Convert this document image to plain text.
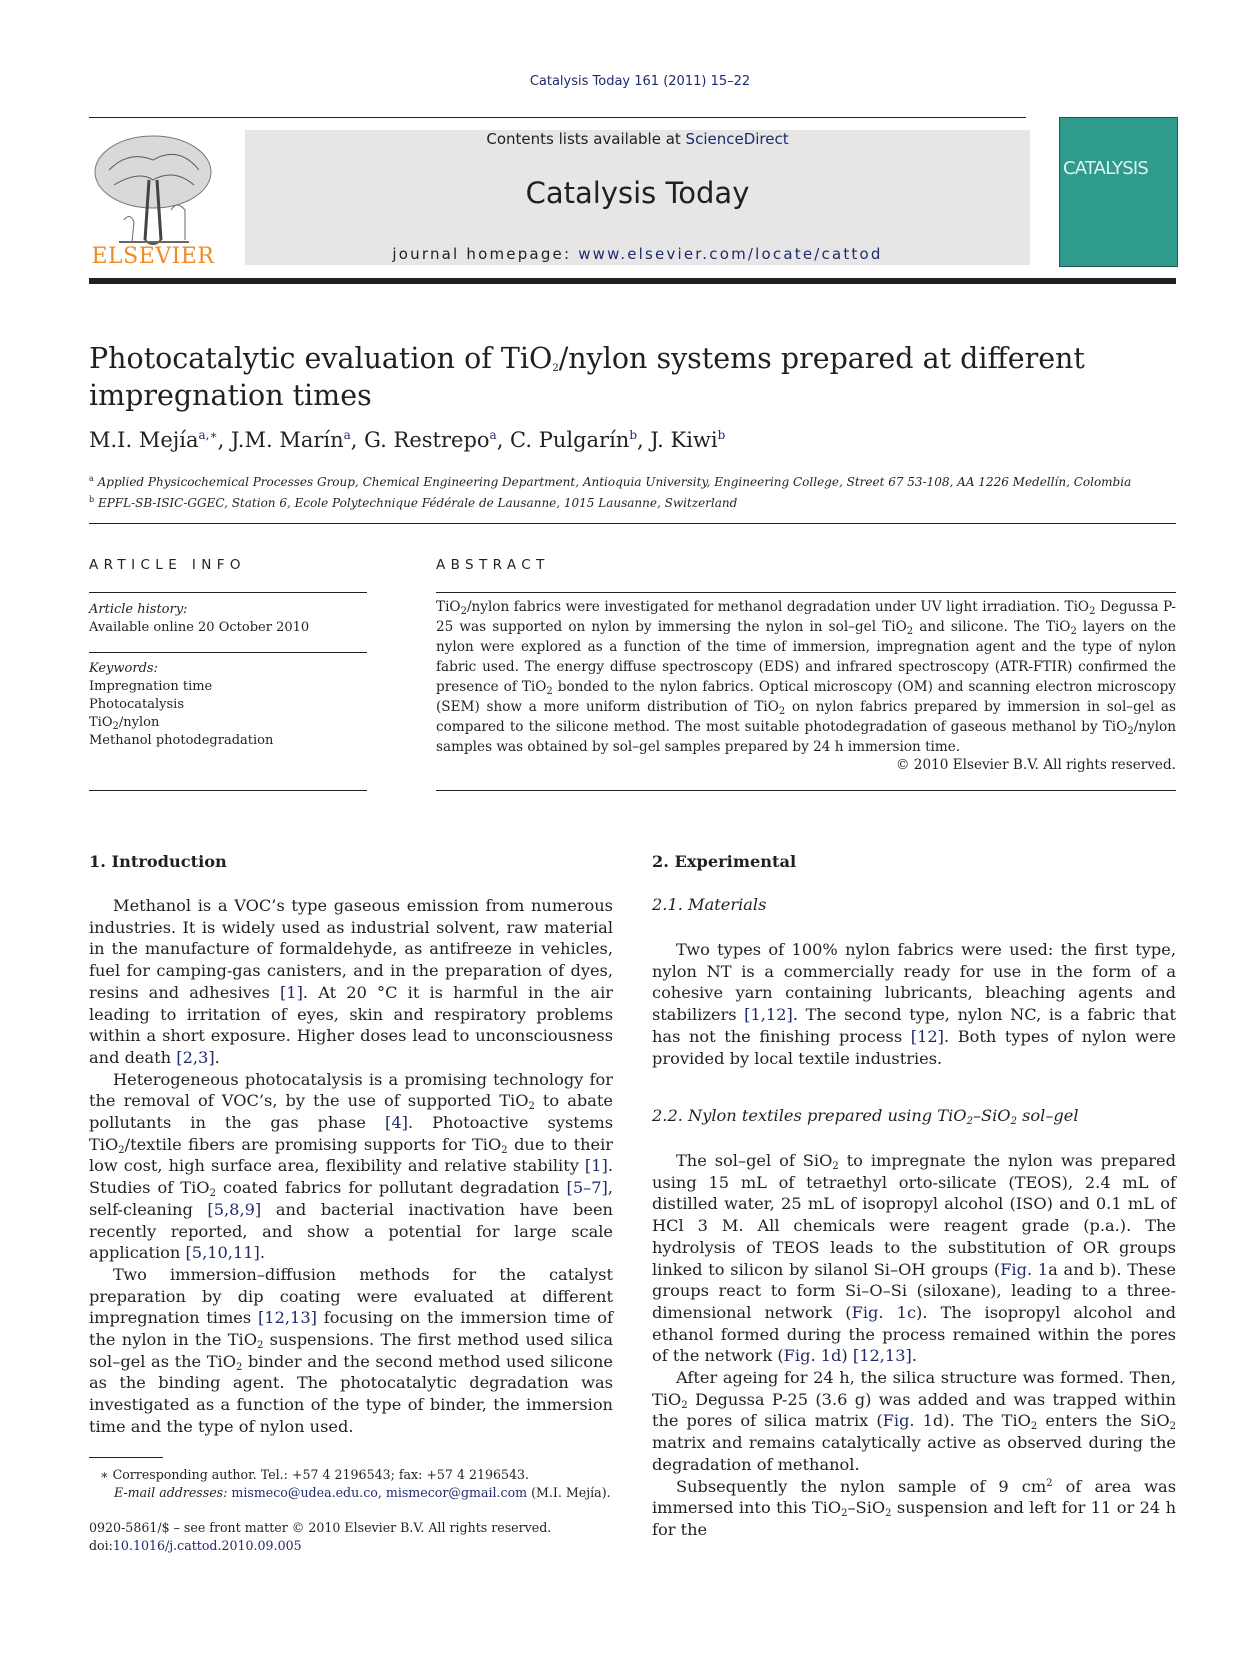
Catalysis Today 161 (2011) 15–22
ELSEVIER
Contents lists available at ScienceDirect
Catalysis Today
journal homepage: www.elsevier.com/locate/cattod
CATALYSIS
Photocatalytic evaluation of TiO$_2$/nylon systems prepared at different
impregnation times
M.I. Mejía$^{a,∗}$, J.M. Marín$^a$, G. Restrepo$^a$, C. Pulgarín$^b$, J. Kiwi$^b$
$^a$ Applied Physicochemical Processes Group, Chemical Engineering Department, Antioquia University, Engineering College, Street 67 53-108, AA 1226 Medellín, Colombia
$^b$ EPFL-SB-ISIC-GGEC, Station 6, Ecole Polytechnique Fédérale de Lausanne, 1015 Lausanne, Switzerland
ARTICLE INFO	ABSTRACT
Article history:
Available online 20 October 2010
Keywords:
Impregnation time
Photocatalysis
TiO$_2$/nylon
Methanol photodegradation

TiO$_2$/nylon fabrics were investigated for methanol degradation under UV light irradiation. TiO$_2$ Degussa P-25 was supported on nylon by immersing the nylon in sol–gel TiO$_2$ and silicone. The TiO$_2$ layers on the nylon were explored as a function of the time of immersion, impregnation agent and the type of nylon fabric used. The energy diffuse spectroscopy (EDS) and infrared spectroscopy (ATR-FTIR) confirmed the presence of TiO$_2$ bonded to the nylon fabrics. Optical microscopy (OM) and scanning electron microscopy (SEM) show a more uniform distribution of TiO$_2$ on nylon fabrics prepared by immersion in sol–gel as compared to the silicone method. The most suitable photodegradation of gaseous methanol by TiO$_2$/nylon samples was obtained by sol–gel samples prepared by 24 h immersion time.

© 2010 Elsevier B.V. All rights reserved.
1. Introduction

Methanol is a VOC’s type gaseous emission from numerous industries. It is widely used as industrial solvent, raw material in the manufacture of formaldehyde, as antifreeze in vehicles, fuel for camping-gas canisters, and in the preparation of dyes, resins and adhesives [1]. At 20 °C it is harmful in the air leading to irritation of eyes, skin and respiratory problems within a short exposure. Higher doses lead to unconsciousness and death [2,3].

Heterogeneous photocatalysis is a promising technology for the removal of VOC’s, by the use of supported TiO$_2$ to abate pollutants in the gas phase [4]. Photoactive systems TiO$_2$/textile fibers are promising supports for TiO$_2$ due to their low cost, high surface area, flexibility and relative stability [1]. Studies of TiO$_2$ coated fabrics for pollutant degradation [5–7], self-cleaning [5,8,9] and bacterial inactivation have been recently reported, and show a potential for large scale application [5,10,11].

Two immersion–diffusion methods for the catalyst preparation by dip coating were evaluated at different impregnation times [12,13] focusing on the immersion time of the nylon in the TiO$_2$ suspensions. The first method used silica sol–gel as the TiO$_2$ binder and the second method used silicone as the binding agent. The photocatalytic degradation was investigated as a function of the type of binder, the immersion time and the type of nylon used.

2. Experimental
2.1. Materials

Two types of 100% nylon fabrics were used: the first type, nylon NT is a commercially ready for use in the form of a cohesive yarn containing lubricants, bleaching agents and stabilizers [1,12]. The second type, nylon NC, is a fabric that has not the finishing process [12]. Both types of nylon were provided by local textile industries.

2.2. Nylon textiles prepared using TiO$_2$–SiO$_2$ sol–gel

The sol–gel of SiO$_2$ to impregnate the nylon was prepared using 15 mL of tetraethyl orto-silicate (TEOS), 2.4 mL of distilled water, 25 mL of isopropyl alcohol (ISO) and 0.1 mL of HCl 3 M. All chemicals were reagent grade (p.a.). The hydrolysis of TEOS leads to the substitution of OR groups linked to silicon by silanol Si–OH groups (Fig. 1a and b). These groups react to form Si–O–Si (siloxane), leading to a three-dimensional network (Fig. 1c). The isopropyl alcohol and ethanol formed during the process remained within the pores of the network (Fig. 1d) [12,13].

After ageing for 24 h, the silica structure was formed. Then, TiO$_2$ Degussa P-25 (3.6 g) was added and was trapped within the pores of silica matrix (Fig. 1d). The TiO$_2$ enters the SiO$_2$ matrix and remains catalytically active as observed during the degradation of methanol.

Subsequently the nylon sample of 9 $cm^2$ of area was immersed into this TiO$_2$–SiO$_2$ suspension and left for 11 or 24 h for the

∗ Corresponding author. Tel.: +57 4 2196543; fax: +57 4 2196543.
E-mail addresses: mismeco@udea.edu.co, mismecor@gmail.com (M.I. Mejía).
0920-5861/$ – see front matter © 2010 Elsevier B.V. All rights reserved.
doi:10.1016/j.cattod.2010.09.005
